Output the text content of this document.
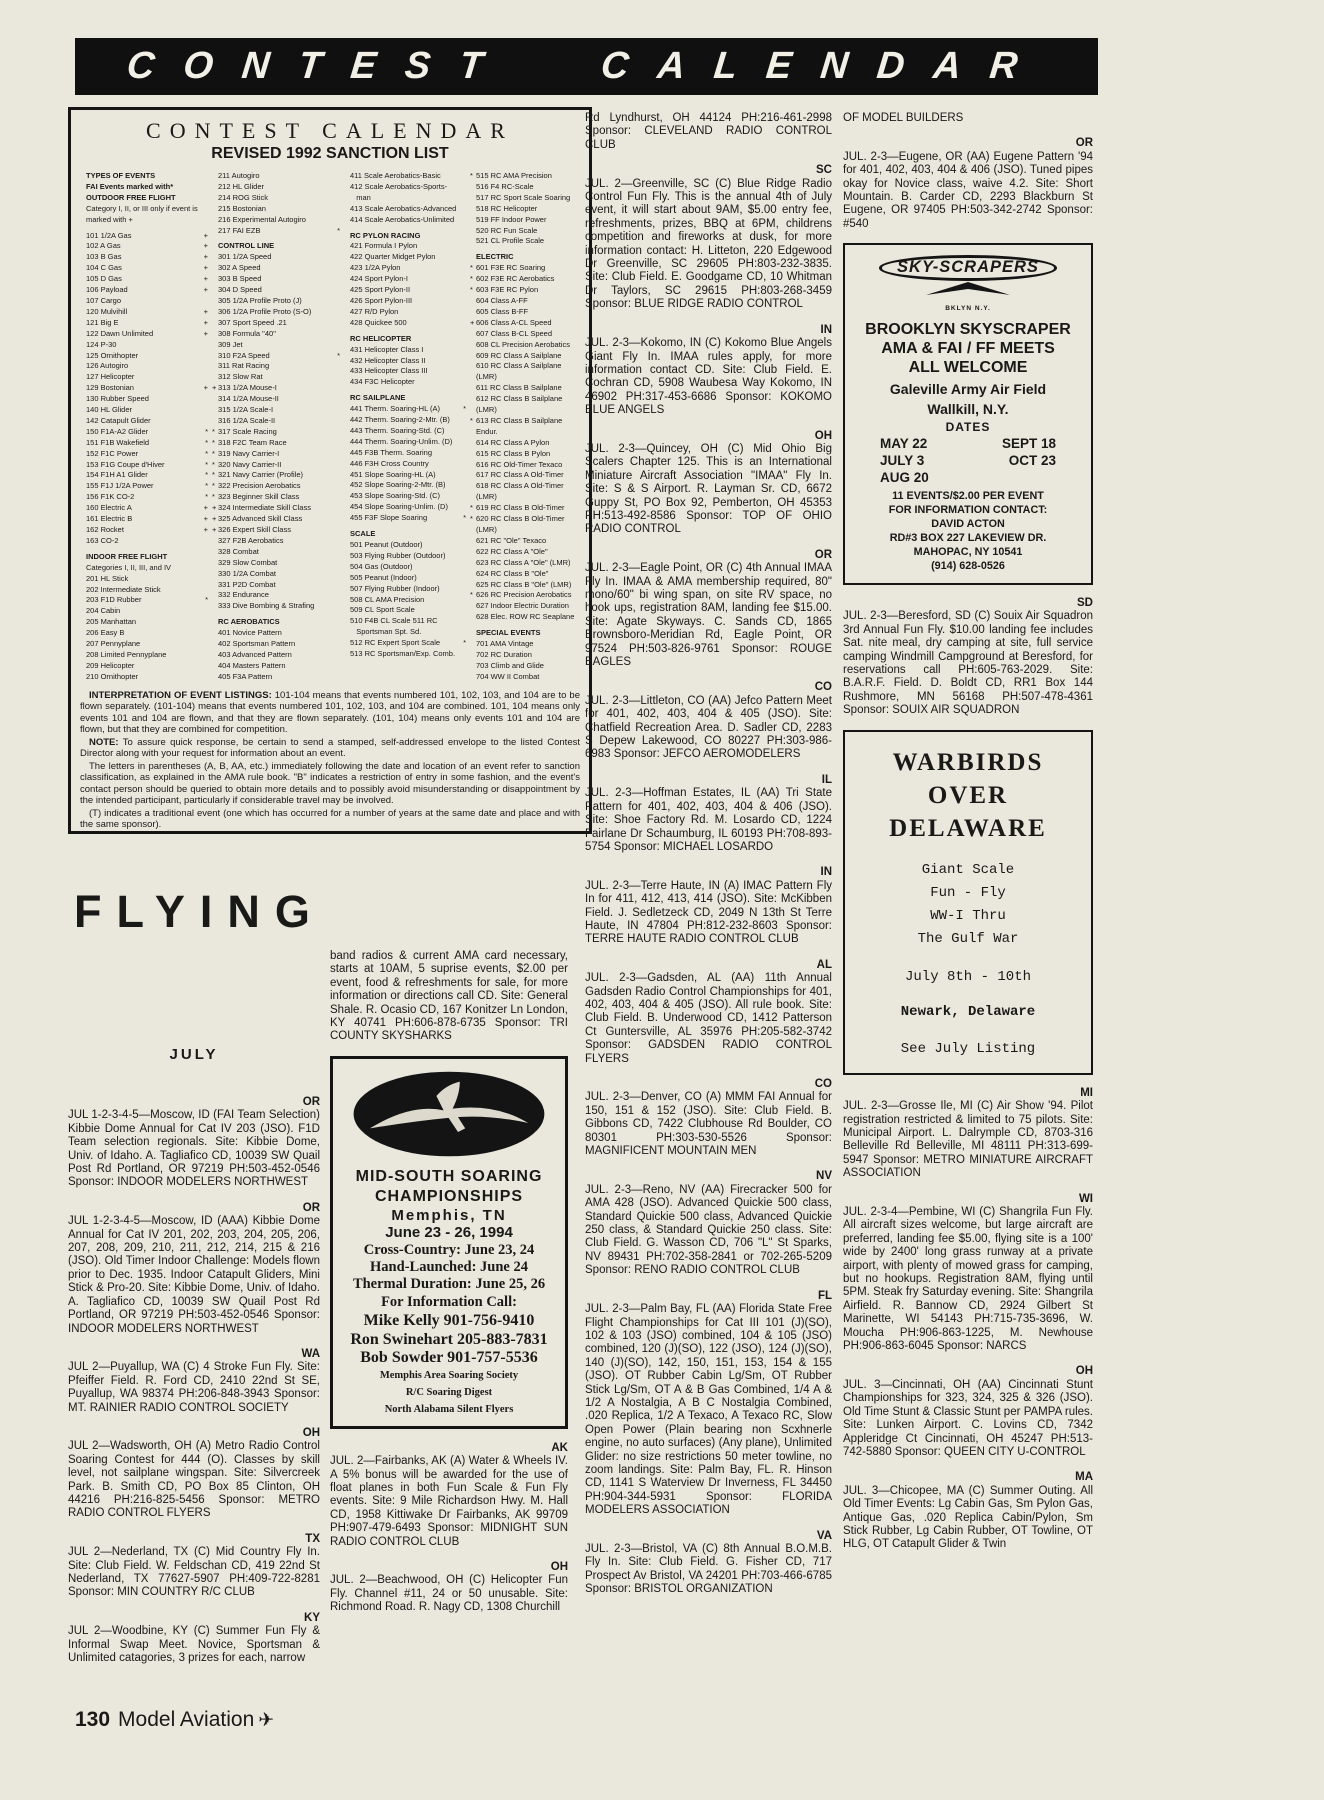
CONTEST CALENDAR
CONTEST CALENDAR
REVISED 1992 SANCTION LIST
TYPES OF EVENTS
FAI Events marked with*
OUTDOOR FREE FLIGHT
Category I, II, or III only if event is
marked with +
101 1/2A Gas	+
102 A Gas	+
103 B Gas	+
104 C Gas	+
105 D Gas	+
106 Payload	+
107 Cargo
120 Mulvihill	+
121 Big E	+
122 Dawn Unlimited	+
124 P-30
125 Ornithopter
126 Autogiro
127 Helicopter
129 Bostonian	+
130 Rubber Speed
140 HL Glider
142 Catapult Glider
150 F1A-A2 Glider	*
151 F1B Wakefield	*
152 F1C Power	*
153 F1G Coupe d'Hiver	*
154 F1H A1 Glider	*
155 F1J 1/2A Power	*
156 F1K CO-2	*
160 Electric A	+
161 Electric B	+
162 Rocket	+
163 CO-2
INDOOR FREE FLIGHT
Categories I, II, III, and IV
201 HL Stick
202 Intermediate Stick
203 F1D Rubber	*
204 Cabin
205 Manhattan
206 Easy B
207 Pennyplane
208 Limited Pennyplane
209 Helicopter
210 Ornithopter
211 Autogiro
212 HL Glider
214 ROG Stick
215 Bostonian
216 Experimental Autogiro
217 FAI EZB	*
CONTROL LINE
301 1/2A Speed
302 A Speed
303 B Speed
304 D Speed
305 1/2A Profile Proto (J)
306 1/2A Profile Proto (S-O)
307 Sport Speed .21
308 Formula "40"
309 Jet
310 F2A Speed	*
311 Rat Racing
312 Slow Rat
+ 313 1/2A Mouse-I
314 1/2A Mouse-II
315 1/2A Scale-I
316 1/2A Scale-II
* 317 Scale Racing
* 318 F2C Team Race
* 319 Navy Carrier-I
* 320 Navy Carrier-II
* 321 Navy Carrier (Profile)
* 322 Precision Aerobatics
* 323 Beginner Skill Class
+ 324 Intermediate Skill Class
+ 325 Advanced Skill Class
+ 326 Expert Skill Class
327 F2B Aerobatics
328 Combat
329 Slow Combat
330 1/2A Combat
331 P2D Combat
332 Endurance
333 Dive Bombing & Strafing
RC AEROBATICS
401 Novice Pattern
402 Sportsman Pattern
403 Advanced Pattern
404 Masters Pattern
405 F3A Pattern
411 Scale Aerobatics-Basic
412 Scale Aerobatics-Sports-
man
413 Scale Aerobatics-Advanced
414 Scale Aerobatics-Unlimited
RC PYLON RACING
421 Formula I Pylon
422 Quarter Midget Pylon
423 1/2A Pylon
424 Sport Pylon-I
425 Sport Pylon-II
426 Sport Pylon-III
427 R/D Pylon
428 Quickee 500
RC HELICOPTER
431 Helicopter Class I
432 Helicopter Class II
433 Helicopter Class III
434 F3C Helicopter
RC SAILPLANE
441 Therm. Soaring-HL (A)	*
442 Therm. Soaring-2-Mtr. (B)
443 Therm. Soaring-Std. (C)
444 Therm. Soaring-Unlim. (D)
445 F3B Therm. Soaring
446 F3H Cross Country
451 Slope Soaring-HL (A)
452 Slope Soaring-2-Mtr. (B)
453 Slope Soaring-Std. (C)
454 Slope Soaring-Unlim. (D)
455 F3F Slope Soaring	*
SCALE
501 Peanut (Outdoor)
503 Flying Rubber (Outdoor)
504 Gas (Outdoor)
505 Peanut (Indoor)
507 Flying Rubber (Indoor)
508 CL AMA Precision
509 CL Sport Scale
510 F4B CL Scale 511 RC
Sportsman Spt. Sd.
512 RC Expert Sport Scale	*
513 RC Sportsman/Exp. Comb.
* 515 RC AMA Precision
516 F4 RC-Scale
517 RC Sport Scale Soaring
518 RC Helicopter
519 FF Indoor Power
520 RC Fun Scale
521 CL Profile Scale
ELECTRIC
* 601 F3E RC Soaring
* 602 F3E RC Aerobatics
* 603 F3E RC Pylon
604 Class A-FF
605 Class B-FF
+ 606 Class A-CL Speed
607 Class B-CL Speed
608 CL Precision Aerobatics
609 RC Class A Sailplane
610 RC Class A Sailplane (LMR)
611 RC Class B Sailplane
612 RC Class B Sailplane (LMR)
* 613 RC Class B Sailplane Endur.
614 RC Class A Pylon
615 RC Class B Pylon
616 RC Old-Timer Texaco
617 RC Class A Old-Timer
618 RC Class A Old-Timer (LMR)
* 619 RC Class B Old-Timer
* 620 RC Class B Old-Timer (LMR)
621 RC "Ole" Texaco
622 RC Class A "Ole"
623 RC Class A "Ole" (LMR)
624 RC Class B "Ole"
625 RC Class B "Ole" (LMR)
* 626 RC Precision Aerobatics
627 Indoor Electric Duration
628 Elec. ROW RC Seaplane
SPECIAL EVENTS
701 AMA Vintage
702 RC Duration
703 Climb and Glide
704 WW II Combat

INTERPRETATION OF EVENT LISTINGS: 101-104 means that events numbered 101, 102, 103, and 104 are to be flown separately. (101-104) means that events numbered 101, 102, 103, and 104 are combined. 101, 104 means only events 101 and 104 are flown, and that they are flown separately. (101, 104) means only events 101 and 104 are flown, but that they are combined for competition.

NOTE: To assure quick response, be certain to send a stamped, self-addressed envelope to the listed Contest Director along with your request for information about an event.

The letters in parentheses (A, B, AA, etc.) immediately following the date and location of an event refer to sanction classification, as explained in the AMA rule book. "B" indicates a restriction of entry in some fashion, and the event's contact person should be queried to obtain more details and to possibly avoid misunderstanding or disappointment by the intended participant, particularly if considerable travel may be involved.

(T) indicates a traditional event (one which has occurred for a number of years at the same date and place and with the same sponsor).

FLYING
JULY
OR
JUL 1-2-3-4-5—Moscow, ID (FAI Team Selection) Kibbie Dome Annual for Cat IV 203 (JSO). F1D Team selection regionals. Site: Kibbie Dome, Univ. of Idaho. A. Tagliafico CD, 10039 SW Quail Post Rd Portland, OR 97219 PH:503-452-0546 Sponsor: INDOOR MODELERS NORTHWEST
OR
JUL 1-2-3-4-5—Moscow, ID (AAA) Kibbie Dome Annual for Cat IV 201, 202, 203, 204, 205, 206, 207, 208, 209, 210, 211, 212, 214, 215 & 216 (JSO). Old Timer Indoor Challenge: Models flown prior to Dec. 1935. Indoor Catapult Gliders, Mini Stick & Pro-20. Site: Kibbie Dome, Univ. of Idaho. A. Tagliafico CD, 10039 SW Quail Post Rd Portland, OR 97219 PH:503-452-0546 Sponsor: INDOOR MODELERS NORTHWEST
WA
JUL 2—Puyallup, WA (C) 4 Stroke Fun Fly. Site: Pfeiffer Field. R. Ford CD, 2410 22nd St SE, Puyallup, WA 98374 PH:206-848-3943 Sponsor: MT. RAINIER RADIO CONTROL SOCIETY
OH
JUL 2—Wadsworth, OH (A) Metro Radio Control Soaring Contest for 444 (O). Classes by skill level, not sailplane wingspan. Site: Silvercreek Park. B. Smith CD, PO Box 85 Clinton, OH 44216 PH:216-825-5456 Sponsor: METRO RADIO CONTROL FLYERS
TX
JUL 2—Nederland, TX (C) Mid Country Fly In. Site: Club Field. W. Feldschan CD, 419 22nd St Nederland, TX 77627-5907 PH:409-722-8281 Sponsor: MIN COUNTRY R/C CLUB
KY
JUL 2—Woodbine, KY (C) Summer Fun Fly & Informal Swap Meet. Novice, Sportsman & Unlimited catagories, 3 prizes for each, narrow
band radios & current AMA card necessary, starts at 10AM, 5 suprise events, $2.00 per event, food & refreshments for sale, for more information or directions call CD. Site: General Shale. R. Ocasio CD, 167 Konitzer Ln London, KY 40741 PH:606-878-6735 Sponsor: TRI COUNTY SKYSHARKS
MID-SOUTH SOARING
CHAMPIONSHIPS
Memphis, TN
June 23 - 26, 1994
Cross-Country: June 23, 24
Hand-Launched: June 24
Thermal Duration: June 25, 26
For Information Call:
Mike Kelly 901-756-9410
Ron Swinehart 205-883-7831
Bob Sowder 901-757-5536
Memphis Area Soaring Society
R/C Soaring Digest
North Alabama Silent Flyers
AK
JUL. 2—Fairbanks, AK (A) Water & Wheels IV. A 5% bonus will be awarded for the use of float planes in both Fun Scale & Fun Fly events. Site: 9 Mile Richardson Hwy. M. Hall CD, 1958 Kittiwake Dr Fairbanks, AK 99709 PH:907-479-6493 Sponsor: MIDNIGHT SUN RADIO CONTROL CLUB
OH
JUL. 2—Beachwood, OH (C) Helicopter Fun Fly. Channel #11, 24 or 50 unusable. Site: Richmond Road. R. Nagy CD, 1308 Churchill
Rd Lyndhurst, OH 44124 PH:216-461-2998 Sponsor: CLEVELAND RADIO CONTROL CLUB
SC
JUL. 2—Greenville, SC (C) Blue Ridge Radio Control Fun Fly. This is the annual 4th of July event, it will start about 9AM, $5.00 entry fee, refreshments, prizes, BBQ at 6PM, childrens competition and fireworks at dusk, for more information contact: H. Litteton, 220 Edgewood Dr Greenville, SC 29605 PH:803-232-3835. Site: Club Field. E. Goodgame CD, 10 Whitman Dr Taylors, SC 29615 PH:803-268-3459 Sponsor: BLUE RIDGE RADIO CONTROL
IN
JUL. 2-3—Kokomo, IN (C) Kokomo Blue Angels Giant Fly In. IMAA rules apply, for more information contact CD. Site: Club Field. E. Cochran CD, 5908 Waubesa Way Kokomo, IN 46902 PH:317-453-6686 Sponsor: KOKOMO BLUE ANGELS
OH
JUL. 2-3—Quincey, OH (C) Mid Ohio Big Scalers Chapter 125. This is an International Miniature Aircraft Association "IMAA" Fly In. Site: S & S Airport. R. Layman Sr. CD, 6672 Guppy St, PO Box 92, Pemberton, OH 45353 PH:513-492-8586 Sponsor: TOP OF OHIO RADIO CONTROL
OR
JUL. 2-3—Eagle Point, OR (C) 4th Annual IMAA Fly In. IMAA & AMA membership required, 80" mono/60" bi wing span, on site RV space, no hook ups, registration 8AM, landing fee $15.00. Site: Agate Skyways. C. Sands CD, 1865 Brownsboro-Meridian Rd, Eagle Point, OR 97524 PH:503-826-9761 Sponsor: ROUGE EAGLES
CO
JUL. 2-3—Littleton, CO (AA) Jefco Pattern Meet for 401, 402, 403, 404 & 405 (JSO). Site: Chatfield Recreation Area. D. Sadler CD, 2283 S Depew Lakewood, CO 80227 PH:303-986-6983 Sponsor: JEFCO AEROMODELERS
IL
JUL. 2-3—Hoffman Estates, IL (AA) Tri State Pattern for 401, 402, 403, 404 & 406 (JSO). Site: Shoe Factory Rd. M. Losardo CD, 1224 Fairlane Dr Schaumburg, IL 60193 PH:708-893-5754 Sponsor: MICHAEL LOSARDO
IN
JUL. 2-3—Terre Haute, IN (A) IMAC Pattern Fly In for 411, 412, 413, 414 (JSO). Site: McKibben Field. J. Sedletzeck CD, 2049 N 13th St Terre Haute, IN 47804 PH:812-232-8603 Sponsor: TERRE HAUTE RADIO CONTROL CLUB
AL
JUL. 2-3—Gadsden, AL (AA) 11th Annual Gadsden Radio Control Championships for 401, 402, 403, 404 & 405 (JSO). All rule book. Site: Club Field. B. Underwood CD, 1412 Patterson Ct Guntersville, AL 35976 PH:205-582-3742 Sponsor: GADSDEN RADIO CONTROL FLYERS
CO
JUL. 2-3—Denver, CO (A) MMM FAI Annual for 150, 151 & 152 (JSO). Site: Club Field. B. Gibbons CD, 7422 Clubhouse Rd Boulder, CO 80301 PH:303-530-5526 Sponsor: MAGNIFICENT MOUNTAIN MEN
NV
JUL. 2-3—Reno, NV (AA) Firecracker 500 for AMA 428 (JSO). Advanced Quickie 500 class, Standard Quickie 500 class, Advanced Quickie 250 class, & Standard Quickie 250 class. Site: Club Field. G. Wasson CD, 706 "L" St Sparks, NV 89431 PH:702-358-2841 or 702-265-5209 Sponsor: RENO RADIO CONTROL CLUB
FL
JUL. 2-3—Palm Bay, FL (AA) Florida State Free Flight Championships for Cat III 101 (J)(SO), 102 & 103 (JSO) combined, 104 & 105 (JSO) combined, 120 (J)(SO), 122 (JSO), 124 (J)(SO), 140 (J)(SO), 142, 150, 151, 153, 154 & 155 (JSO). OT Rubber Cabin Lg/Sm, OT Rubber Stick Lg/Sm, OT A & B Gas Combined, 1/4 A & 1/2 A Nostalgia, A B C Nostalgia Combined, .020 Replica, 1/2 A Texaco, A Texaco RC, Slow Open Power (Plain bearing non Scxhnerle engine, no auto surfaces) (Any plane), Unlimited Glider: no size restrictions 50 meter towline, no zoom landings. Site: Palm Bay, FL. R. Hinson CD, 1141 S Waterview Dr Inverness, FL 34450 PH:904-344-5931 Sponsor: FLORIDA MODELERS ASSOCIATION
VA
JUL. 2-3—Bristol, VA (C) 8th Annual B.O.M.B. Fly In. Site: Club Field. G. Fisher CD, 717 Prospect Av Bristol, VA 24201 PH:703-466-6785 Sponsor: BRISTOL ORGANIZATION
OF MODEL BUILDERS
OR
JUL. 2-3—Eugene, OR (AA) Eugene Pattern '94 for 401, 402, 403, 404 & 406 (JSO). Tuned pipes okay for Novice class, waive 4.2. Site: Short Mountain. B. Carder CD, 2293 Blackburn St Eugene, OR 97405 PH:503-342-2742 Sponsor: #540
SKY-SCRAPERS
BKLYN N.Y.
BROOKLYN SKYSCRAPER
AMA & FAI / FF MEETS
ALL WELCOME
Galeville Army Air Field
Wallkill, N.Y.
DATES
MAY 22	SEPT 18
JULY 3	OCT 23
AUG 20
11 EVENTS/$2.00 PER EVENT
FOR INFORMATION CONTACT:
DAVID ACTON
RD#3 BOX 227 LAKEVIEW DR.
MAHOPAC, NY 10541
(914) 628-0526
SD
JUL. 2-3—Beresford, SD (C) Souix Air Squadron 3rd Annual Fun Fly. $10.00 landing fee includes Sat. nite meal, dry camping at site, full service camping Windmill Campground at Beresford, for reservations call PH:605-763-2029. Site: B.A.R.F. Field. D. Boldt CD, RR1 Box 144 Rushmore, MN 56168 PH:507-478-4361 Sponsor: SOUIX AIR SQUADRON
WARBIRDS
OVER
DELAWARE
Giant Scale
Fun - Fly
WW-I Thru
The Gulf War
July 8th - 10th
Newark, Delaware
See July Listing
MI
JUL. 2-3—Grosse Ile, MI (C) Air Show '94. Pilot registration restricted & limited to 75 pilots. Site: Municipal Airport. L. Dalrymple CD, 8703-316 Belleville Rd Belleville, MI 48111 PH:313-699-5947 Sponsor: METRO MINIATURE AIRCRAFT ASSOCIATION
WI
JUL. 2-3-4—Pembine, WI (C) Shangrila Fun Fly. All aircraft sizes welcome, but large aircraft are preferred, landing fee $5.00, flying site is a 100' wide by 2400' long grass runway at a private airport, with plenty of mowed grass for camping, but no hookups. Registration 8AM, flying until 5PM. Steak fry Saturday evening. Site: Shangrila Airfield. R. Bannow CD, 2924 Gilbert St Marinette, WI 54143 PH:715-735-3696, W. Moucha PH:906-863-1225, M. Newhouse PH:906-863-6045 Sponsor: NARCS
OH
JUL. 3—Cincinnati, OH (AA) Cincinnati Stunt Championships for 323, 324, 325 & 326 (JSO). Old Time Stunt & Classic Stunt per PAMPA rules. Site: Lunken Airport. C. Lovins CD, 7342 Appleridge Ct Cincinnati, OH 45247 PH:513-742-5880 Sponsor: QUEEN CITY U-CONTROL
MA
JUL. 3—Chicopee, MA (C) Summer Outing. All Old Timer Events: Lg Cabin Gas, Sm Pylon Gas, Antique Gas, .020 Replica Cabin/Pylon, Sm Stick Rubber, Lg Cabin Rubber, OT Towline, OT HLG, OT Catapult Glider & Twin
130 Model Aviation ✈
